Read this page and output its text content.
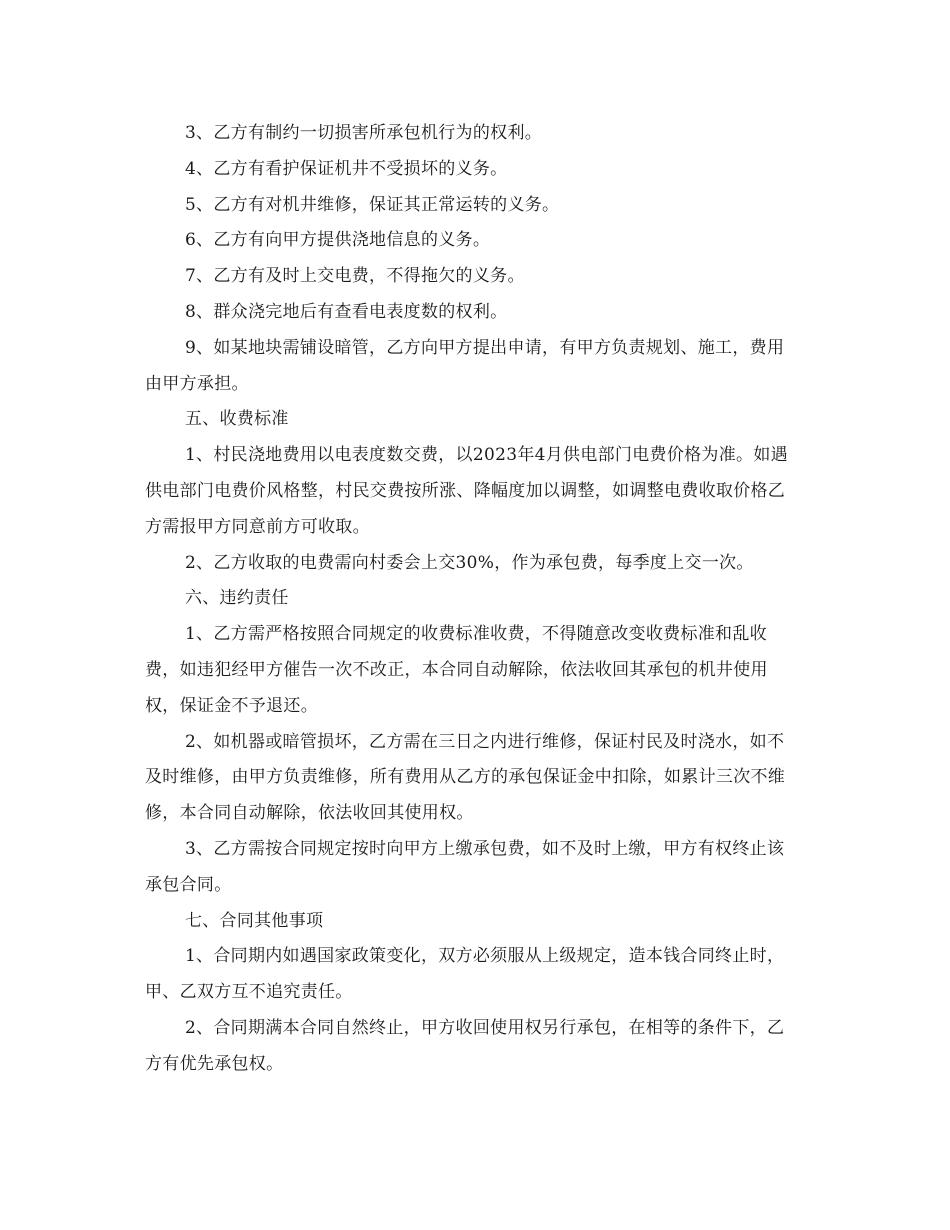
3、乙方有制约一切损害所承包机行为的权利。

4、乙方有看护保证机井不受损坏的义务。

5、乙方有对机井维修，保证其正常运转的义务。

6、乙方有向甲方提供浇地信息的义务。

7、乙方有及时上交电费，不得拖欠的义务。

8、群众浇完地后有查看电表度数的权利。

9、如某地块需铺设暗管，乙方向甲方提出申请，有甲方负责规划、施工，费用由甲方承担。

五、收费标准

1、村民浇地费用以电表度数交费，以2023年4月供电部门电费价格为准。如遇供电部门电费价风格整，村民交费按所涨、降幅度加以调整，如调整电费收取价格乙方需报甲方同意前方可收取。

2、乙方收取的电费需向村委会上交30%，作为承包费，每季度上交一次。

六、违约责任

1、乙方需严格按照合同规定的收费标准收费，不得随意改变收费标准和乱收费，如违犯经甲方催告一次不改正，本合同自动解除，依法收回其承包的机井使用权，保证金不予退还。

2、如机器或暗管损坏，乙方需在三日之内进行维修，保证村民及时浇水，如不及时维修，由甲方负责维修，所有费用从乙方的承包保证金中扣除，如累计三次不维修，本合同自动解除，依法收回其使用权。

3、乙方需按合同规定按时向甲方上缴承包费，如不及时上缴，甲方有权终止该承包合同。

七、合同其他事项

1、合同期内如遇国家政策变化，双方必须服从上级规定，造本钱合同终止时，甲、乙双方互不追究责任。

2、合同期满本合同自然终止，甲方收回使用权另行承包，在相等的条件下，乙方有优先承包权。
